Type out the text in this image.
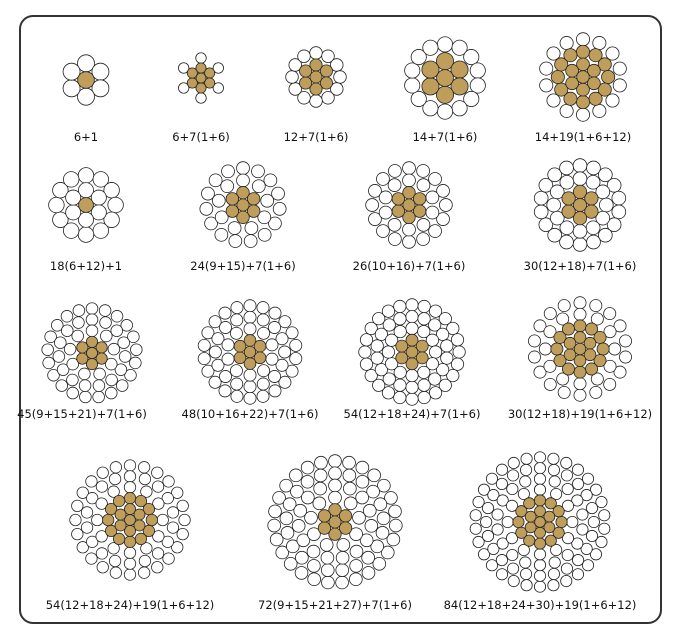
6+1	6+7(1+6)	12+7(1+6)	14+7(1+6)	14+19(1+6+12)
18(6+12)+1	24(9+15)+7(1+6)	26(10+16)+7(1+6)	30(12+18)+7(1+6)
45(9+15+21)+7(1+6)	48(10+16+22)+7(1+6) 54(12+18+24)+7(1+6) 30(12+18)+19(1+6+12)
54(12+18+24)+19(1+6+12)	72(9+15+21+27)+7(1+6)	84(12+18+24+30)+19(1+6+12)
